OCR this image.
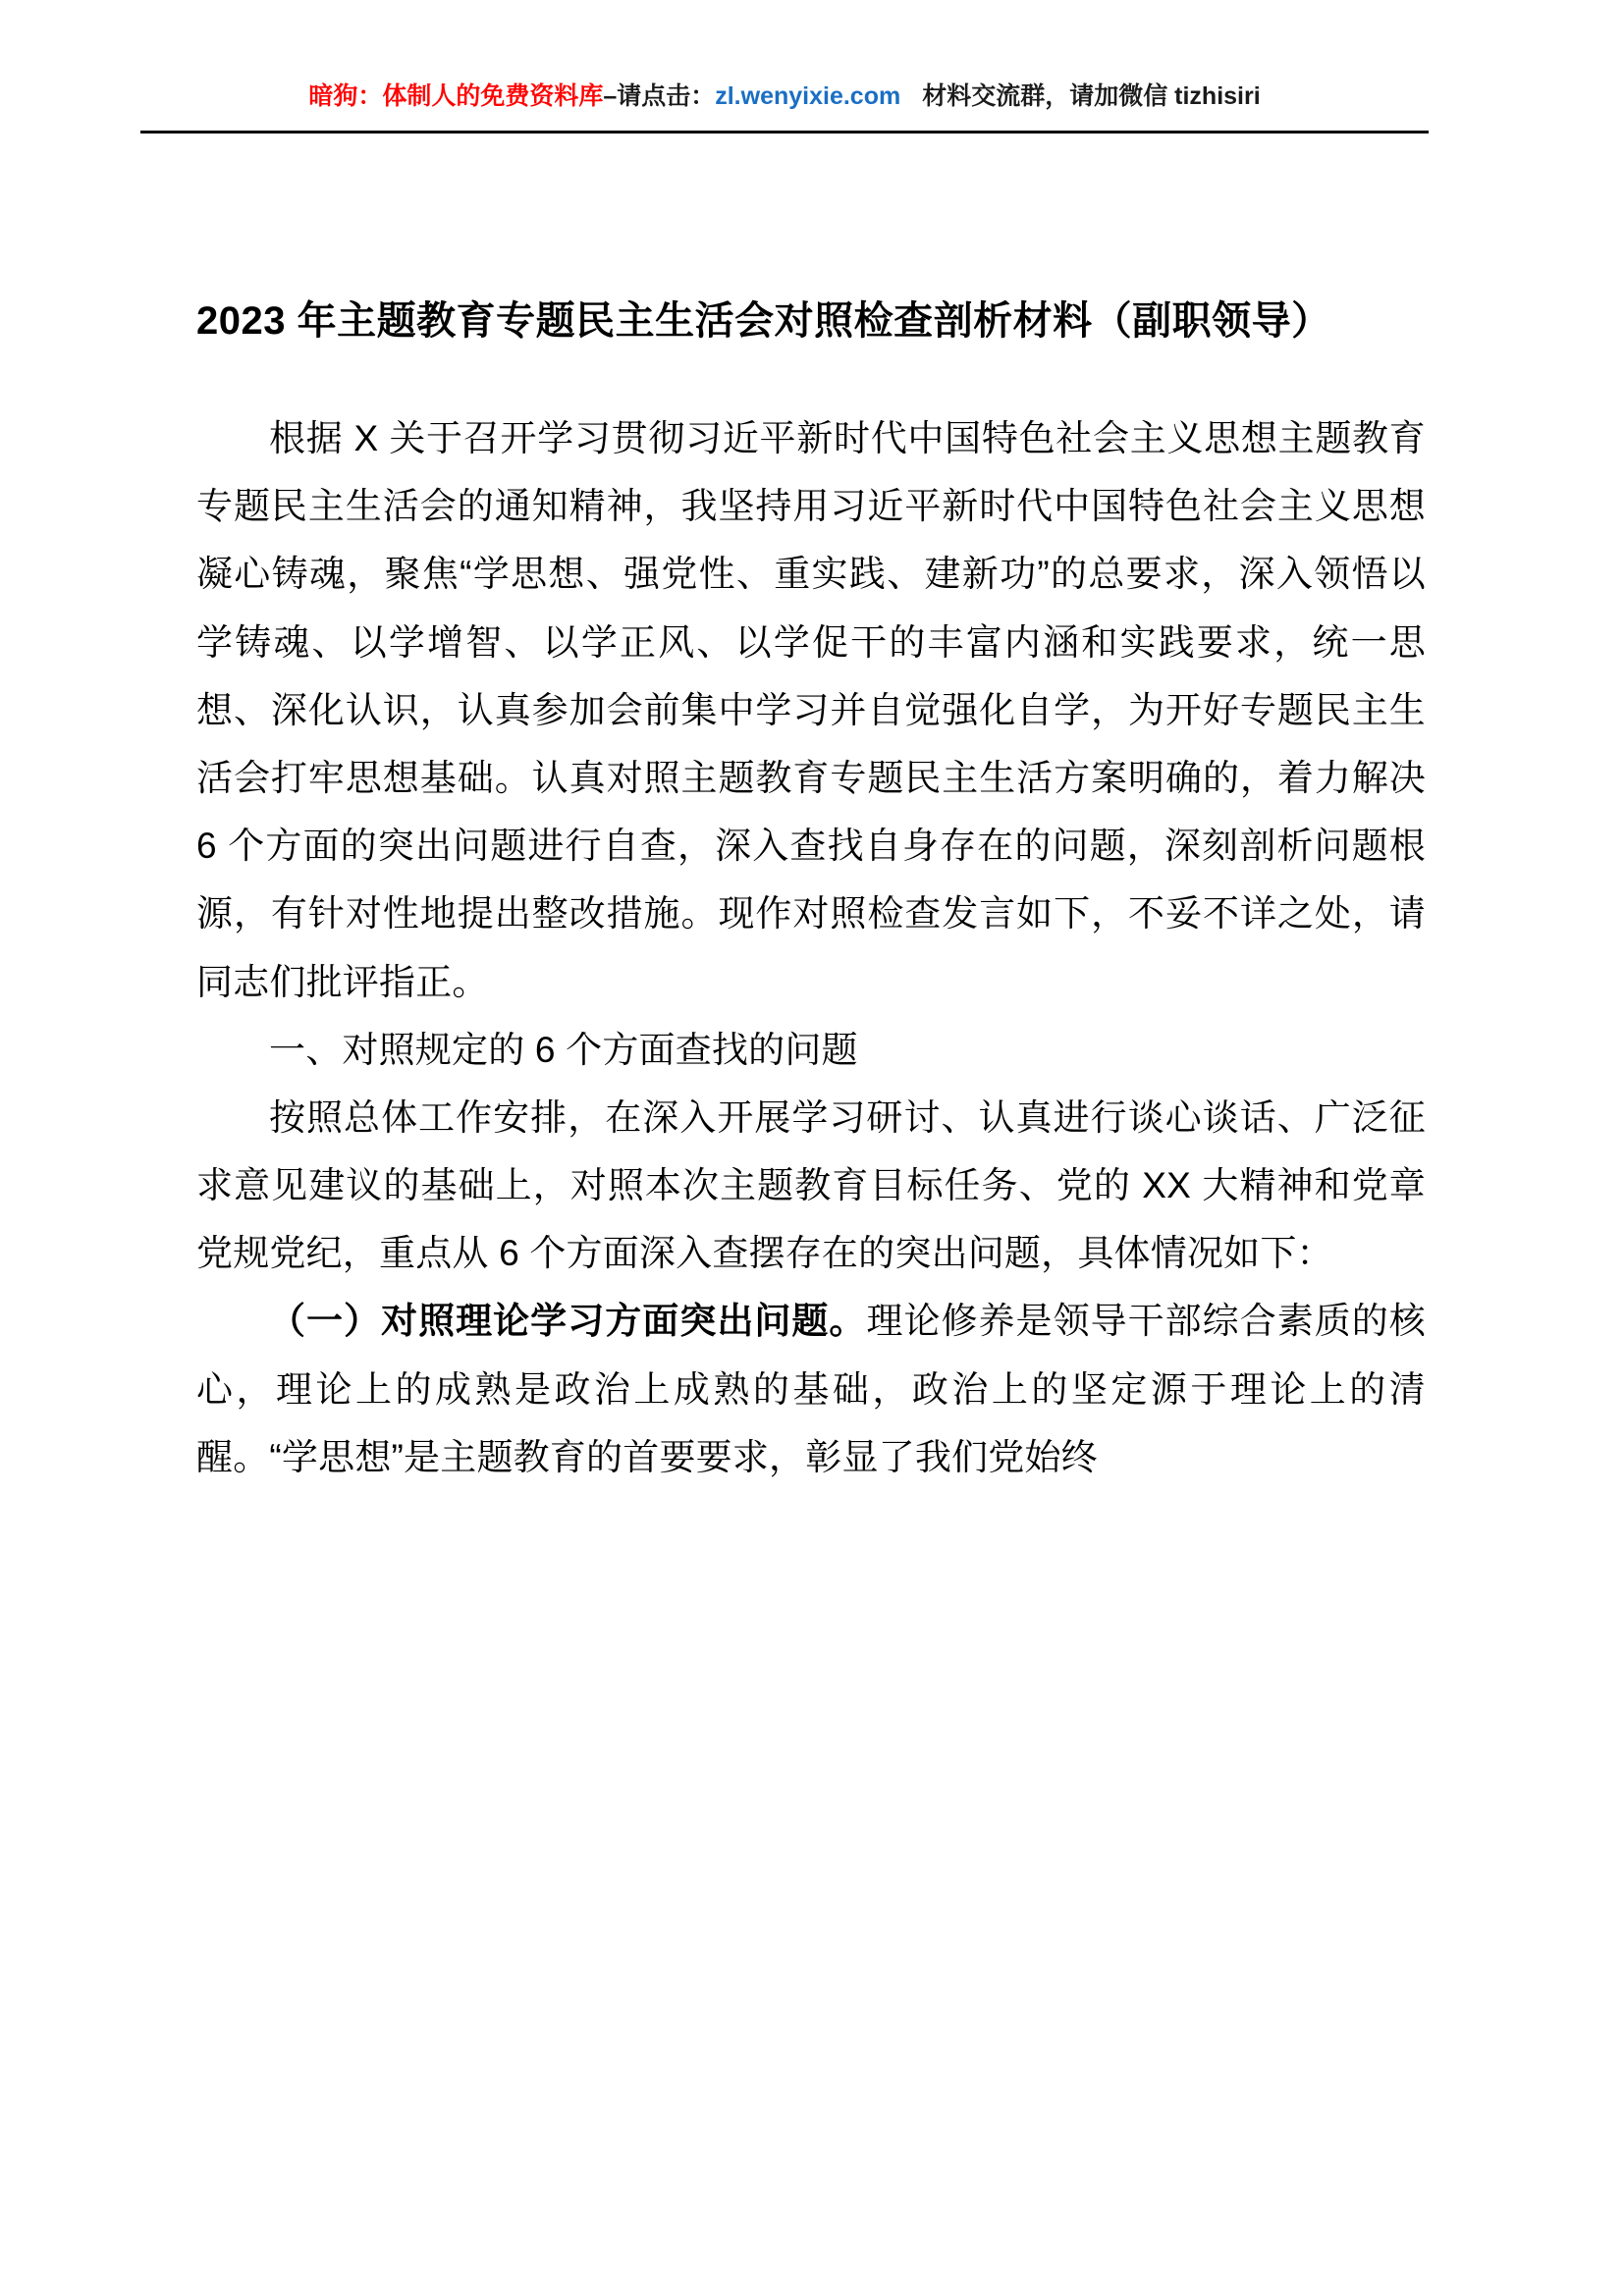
暗狗：体制人的免费资料库–请点击：zl.wenyixie.com 材料交流群，请加微信 tizhisiri
2023 年主题教育专题民主生活会对照检查剖析材料（副职领导）

根据 X 关于召开学习贯彻习近平新时代中国特色社会主义思想主题教育专题民主生活会的通知精神，我坚持用习近平新时代中国特色社会主义思想凝心铸魂，聚焦“学思想、强党性、重实践、建新功”的总要求，深入领悟以学铸魂、以学增智、以学正风、以学促干的丰富内涵和实践要求，统一思想、深化认识，认真参加会前集中学习并自觉强化自学，为开好专题民主生活会打牢思想基础。认真对照主题教育专题民主生活方案明确的，着力解决 6 个方面的突出问题进行自查，深入查找自身存在的问题，深刻剖析问题根源，有针对性地提出整改措施。现作对照检查发言如下，不妥不详之处，请同志们批评指正。

一、对照规定的 6 个方面查找的问题

按照总体工作安排，在深入开展学习研讨、认真进行谈心谈话、广泛征求意见建议的基础上，对照本次主题教育目标任务、党的 XX 大精神和党章党规党纪，重点从 6 个方面深入查摆存在的突出问题，具体情况如下：

（一）对照理论学习方面突出问题。理论修养是领导干部综合素质的核心，理论上的成熟是政治上成熟的基础，政治上的坚定源于理论上的清醒。“学思想”是主题教育的首要要求，彰显了我们党始终
